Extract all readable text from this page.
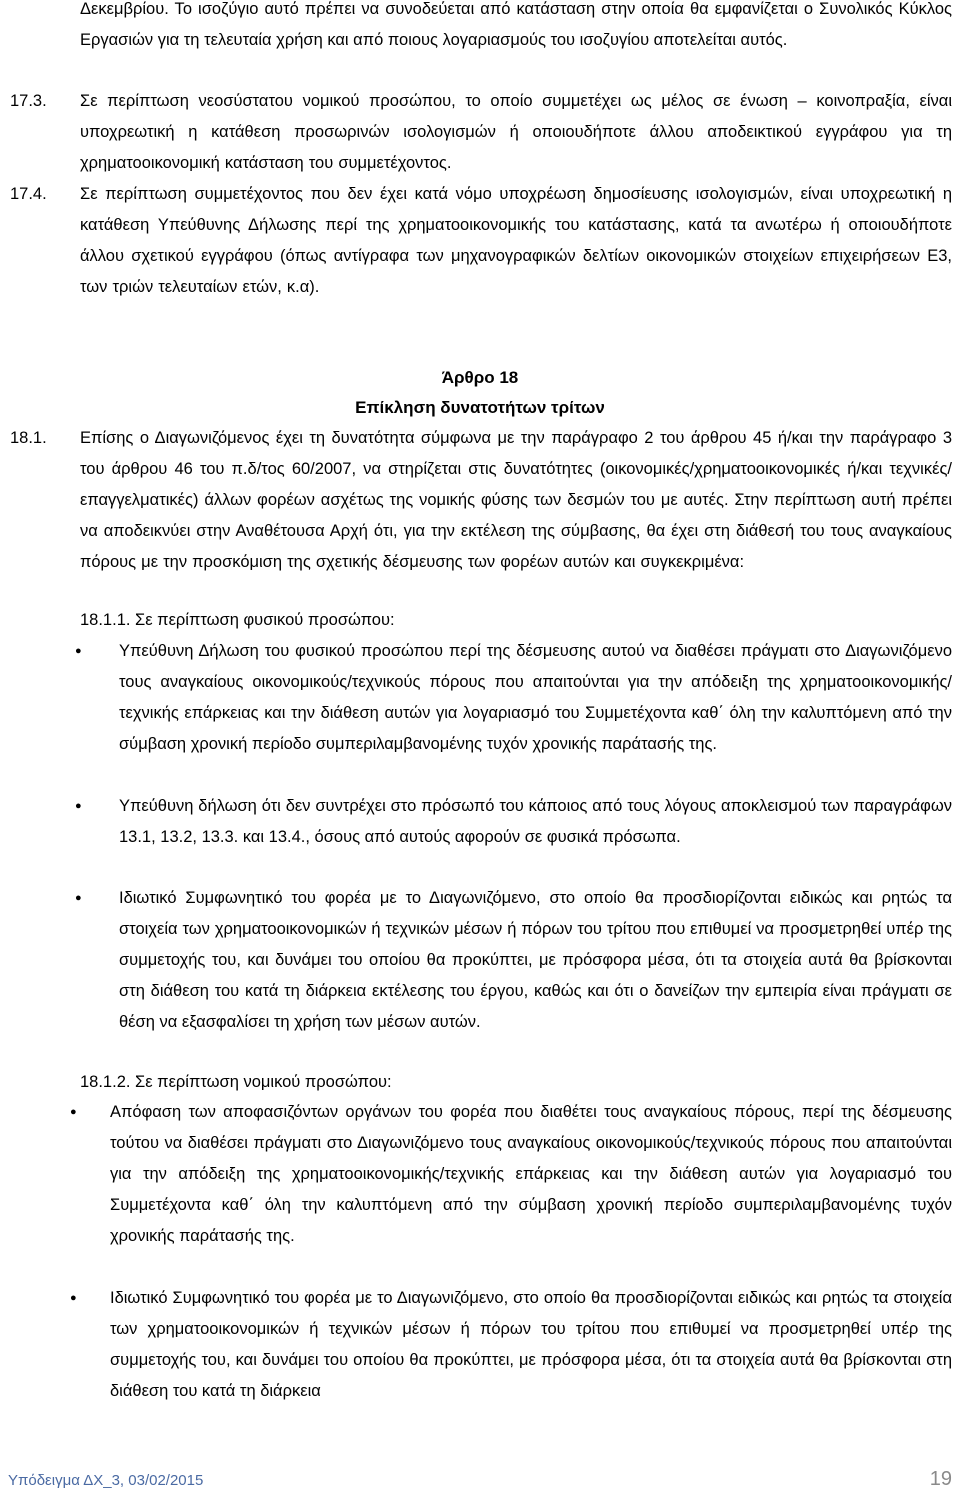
Δεκεμβρίου. Το ισοζύγιο αυτό πρέπει να συνοδεύεται από κατάσταση στην οποία θα εμφανίζεται ο Συνολικός Κύκλος Εργασιών για τη τελευταία χρήση και από ποιους λογαριασμούς του ισοζυγίου αποτελείται αυτός.
17.3.	Σε περίπτωση νεοσύστατου νομικού προσώπου, το οποίο συμμετέχει ως μέλος σε ένωση – κοινοπραξία, είναι υποχρεωτική η κατάθεση προσωρινών ισολογισμών ή οποιουδήποτε άλλου αποδεικτικού εγγράφου για τη χρηματοοικονομική κατάσταση του συμμετέχοντος.
17.4.	Σε περίπτωση συμμετέχοντος που δεν έχει κατά νόμο υποχρέωση δημοσίευσης ισολογισμών, είναι υποχρεωτική η κατάθεση Υπεύθυνης Δήλωσης περί της χρηματοοικονομικής του κατάστασης, κατά τα ανωτέρω ή οποιουδήποτε άλλου σχετικού εγγράφου (όπως αντίγραφα των μηχανογραφικών δελτίων οικονομικών στοιχείων επιχειρήσεων Ε3, των τριών τελευταίων ετών, κ.α).
Άρθρο 18
Επίκληση δυνατοτήτων τρίτων
18.1.	Επίσης ο Διαγωνιζόμενος έχει τη δυνατότητα σύμφωνα με την παράγραφο 2 του άρθρου 45 ή/και την παράγραφο 3 του άρθρου 46 του π.δ/τος 60/2007, να στηρίζεται στις δυνατότητες (οικονομικές/χρηματοοικονομικές ή/και τεχνικές/επαγγελματικές) άλλων φορέων ασχέτως της νομικής φύσης των δεσμών του με αυτές. Στην περίπτωση αυτή πρέπει να αποδεικνύει στην Αναθέτουσα Αρχή ότι, για την εκτέλεση της σύμβασης, θα έχει στη διάθεσή του τους αναγκαίους πόρους με την προσκόμιση της σχετικής δέσμευσης των φορέων αυτών και συγκεκριμένα:
18.1.1. Σε περίπτωση φυσικού προσώπου:
●
Υπεύθυνη Δήλωση του φυσικού προσώπου περί της δέσμευσης αυτού να διαθέσει πράγματι στο Διαγωνιζόμενο τους αναγκαίους οικονομικούς/τεχνικούς πόρους που απαιτούνται για την απόδειξη της χρηματοοικονομικής/τεχνικής επάρκειας και την διάθεση αυτών για λογαριασμό του Συμμετέχοντα καθ΄ όλη την καλυπτόμενη από την σύμβαση χρονική περίοδο συμπεριλαμβανομένης τυχόν χρονικής παράτασής της.
●
Υπεύθυνη δήλωση ότι δεν συντρέχει στο πρόσωπό του κάποιος από τους λόγους αποκλεισμού των παραγράφων 13.1, 13.2, 13.3. και 13.4., όσους από αυτούς αφορούν σε φυσικά πρόσωπα.
●
Ιδιωτικό Συμφωνητικό του φορέα με το Διαγωνιζόμενο, στο οποίο θα προσδιορίζονται ειδικώς και ρητώς τα στοιχεία των χρηματοοικονομικών ή τεχνικών μέσων ή πόρων του τρίτου που επιθυμεί να προσμετρηθεί υπέρ της συμμετοχής του, και δυνάμει του οποίου θα προκύπτει, με πρόσφορα μέσα, ότι τα στοιχεία αυτά θα βρίσκονται στη διάθεση του κατά τη διάρκεια εκτέλεσης του έργου, καθώς και ότι ο δανείζων την εμπειρία είναι πράγματι σε θέση να εξασφαλίσει τη χρήση των μέσων αυτών.
18.1.2. Σε περίπτωση νομικού προσώπου:
●
Απόφαση των αποφασιζόντων οργάνων του φορέα που διαθέτει τους αναγκαίους πόρους, περί της δέσμευσης τούτου να διαθέσει πράγματι στο Διαγωνιζόμενο τους αναγκαίους οικονομικούς/τεχνικούς πόρους που απαιτούνται για την απόδειξη της χρηματοοικονομικής/τεχνικής επάρκειας και την διάθεση αυτών για λογαριασμό του Συμμετέχοντα καθ΄ όλη την καλυπτόμενη από την σύμβαση χρονική περίοδο συμπεριλαμβανομένης τυχόν χρονικής παράτασής της.
●
Ιδιωτικό Συμφωνητικό του φορέα με το Διαγωνιζόμενο, στο οποίο θα προσδιορίζονται ειδικώς και ρητώς τα στοιχεία των χρηματοοικονομικών ή τεχνικών μέσων ή πόρων του τρίτου που επιθυμεί να προσμετρηθεί υπέρ της συμμετοχής του, και δυνάμει του οποίου θα προκύπτει, με πρόσφορα μέσα, ότι τα στοιχεία αυτά θα βρίσκονται στη διάθεση του κατά τη διάρκεια
Υπόδειγμα ΔΧ_3, 03/02/2015	19
